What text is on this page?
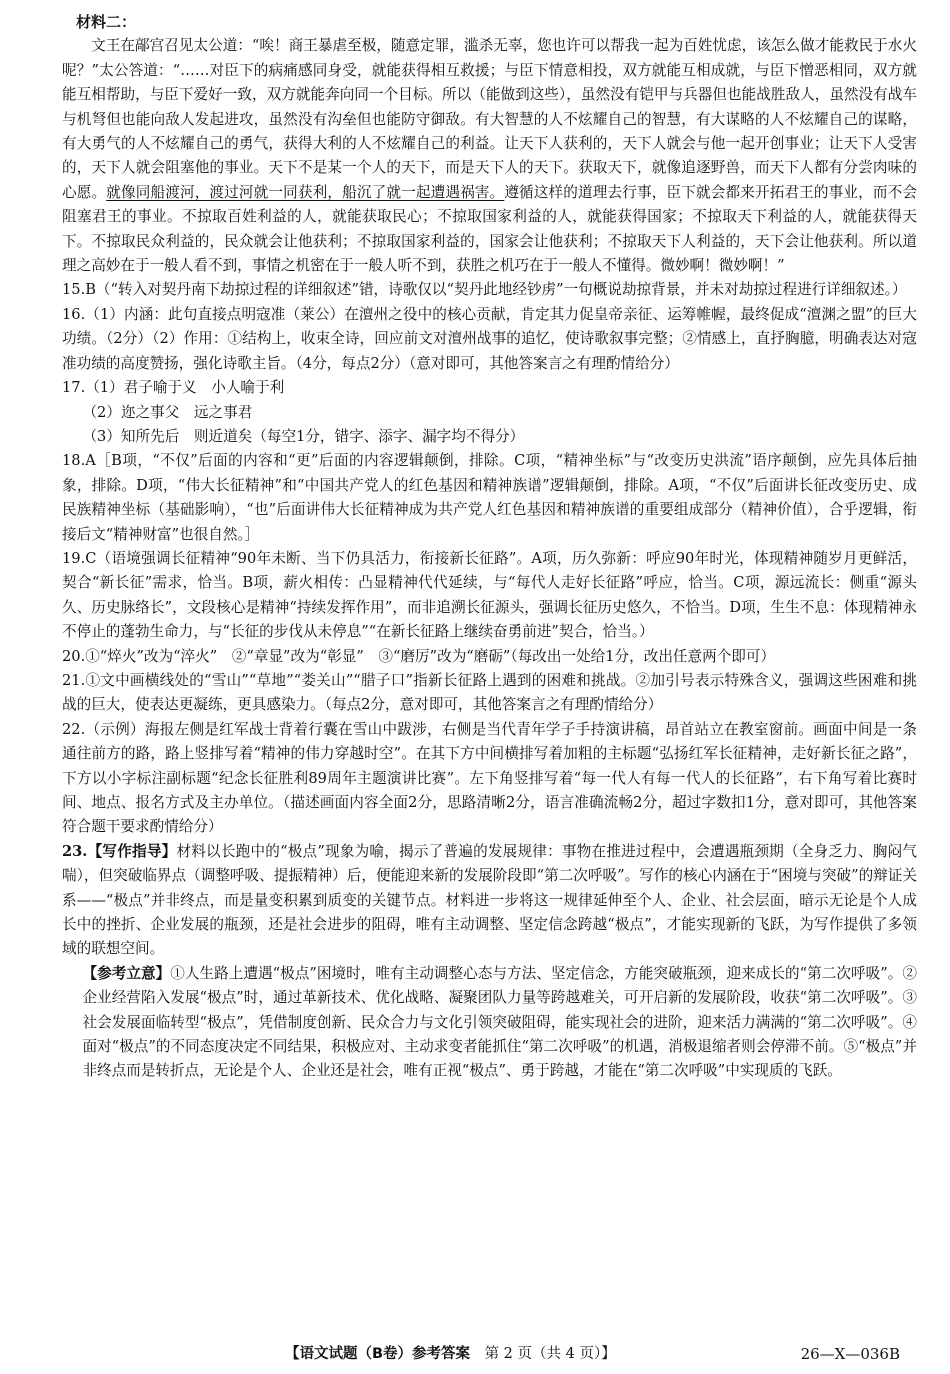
材料二：
文王在鄗宫召见太公道：“唉！商王暴虐至极，随意定罪，滥杀无辜，您也许可以帮我一起为百姓忧虑，该怎么做才能救民于水火呢？”太公答道：“……对臣下的病痛感同身受，就能获得相互救援；与臣下情意相投，双方就能互相成就，与臣下憎恶相同，双方就能互相帮助，与臣下爱好一致，双方就能奔向同一个目标。所以（能做到这些），虽然没有铠甲与兵器但也能战胜敌人，虽然没有战车与机弩但也能向敌人发起进攻，虽然没有沟垒但也能防守御敌。有大智慧的人不炫耀自己的智慧，有大谋略的人不炫耀自己的谋略，有大勇气的人不炫耀自己的勇气，获得大利的人不炫耀自己的利益。让天下人获利的，天下人就会与他一起开创事业；让天下人受害的，天下人就会阻塞他的事业。天下不是某一个人的天下，而是天下人的天下。获取天下，就像追逐野兽，而天下人都有分尝肉味的心愿。就像同船渡河，渡过河就一同获利，船沉了就一起遭遇祸害。遵循这样的道理去行事，臣下就会都来开拓君王的事业，而不会阻塞君王的事业。不掠取百姓利益的人，就能获取民心；不掠取国家利益的人，就能获得国家；不掠取天下利益的人，就能获得天下。不掠取民众利益的，民众就会让他获利；不掠取国家利益的，国家会让他获利；不掠取天下人利益的，天下会让他获利。所以道理之高妙在于一般人看不到，事情之机密在于一般人听不到，获胜之机巧在于一般人不懂得。微妙啊！微妙啊！”
15.B（“转入对契丹南下劫掠过程的详细叙述”错，诗歌仅以“契丹此地经钞虏”一句概说劫掠背景，并未对劫掠过程进行详细叙述。）
16.（1）内涵：此句直接点明寇准（莱公）在澶州之役中的核心贡献，肯定其力促皇帝亲征、运筹帷幄，最终促成“澶渊之盟”的巨大功绩。（2分）（2）作用：①结构上，收束全诗，回应前文对澶州战事的追忆，使诗歌叙事完整；②情感上，直抒胸臆，明确表达对寇准功绩的高度赞扬，强化诗歌主旨。（4分，每点2分）（意对即可，其他答案言之有理酌情给分）
17.（1）君子喻于义　小人喻于利
（2）迩之事父　远之事君
（3）知所先后　则近道矣（每空1分，错字、添字、漏字均不得分）
18.A［B项，“不仅”后面的内容和“更”后面的内容逻辑颠倒，排除。C项，“精神坐标”与“改变历史洪流”语序颠倒，应先具体后抽象，排除。D项，“伟大长征精神”和“中国共产党人的红色基因和精神族谱”逻辑颠倒，排除。A项，“不仅”后面讲长征改变历史、成民族精神坐标（基础影响），“也”后面讲伟大长征精神成为共产党人红色基因和精神族谱的重要组成部分（精神价值），合乎逻辑，衔接后文“精神财富”也很自然。］
19.C（语境强调长征精神“90年未断、当下仍具活力，衔接新长征路”。A项，历久弥新：呼应90年时光，体现精神随岁月更鲜活，契合“新长征”需求，恰当。B项，薪火相传：凸显精神代代延续，与“每代人走好长征路”呼应，恰当。C项，源远流长：侧重“源头久、历史脉络长”，文段核心是精神“持续发挥作用”，而非追溯长征源头，强调长征历史悠久，不恰当。D项，生生不息：体现精神永不停止的蓬勃生命力，与“长征的步伐从未停息”“在新长征路上继续奋勇前进”契合，恰当。）
20.①“焠火”改为“淬火”　②“章显”改为“彰显”　③“磨厉”改为“磨砺”（每改出一处给1分，改出任意两个即可）
21.①文中画横线处的“雪山”“草地”“娄关山”“腊子口”指新长征路上遇到的困难和挑战。②加引号表示特殊含义，强调这些困难和挑战的巨大，使表达更凝练，更具感染力。（每点2分，意对即可，其他答案言之有理酌情给分）
22.（示例）海报左侧是红军战士背着行囊在雪山中跋涉，右侧是当代青年学子手持演讲稿，昂首站立在教室窗前。画面中间是一条通往前方的路，路上竖排写着“精神的伟力穿越时空”。在其下方中间横排写着加粗的主标题“弘扬红军长征精神，走好新长征之路”，下方以小字标注副标题“纪念长征胜利89周年主题演讲比赛”。左下角竖排写着“每一代人有每一代人的长征路”，右下角写着比赛时间、地点、报名方式及主办单位。（描述画面内容全面2分，思路清晰2分，语言准确流畅2分，超过字数扣1分，意对即可，其他答案符合题干要求酌情给分）
23.【写作指导】材料以长跑中的“极点”现象为喻，揭示了普遍的发展规律：事物在推进过程中，会遭遇瓶颈期（全身乏力、胸闷气喘），但突破临界点（调整呼吸、提振精神）后，便能迎来新的发展阶段即“第二次呼吸”。写作的核心内涵在于“困境与突破”的辩证关系——“极点”并非终点，而是量变积累到质变的关键节点。材料进一步将这一规律延伸至个人、企业、社会层面，暗示无论是个人成长中的挫折、企业发展的瓶颈，还是社会进步的阻碍，唯有主动调整、坚定信念跨越“极点”，才能实现新的飞跃，为写作提供了多领域的联想空间。
【参考立意】①人生路上遭遇“极点”困境时，唯有主动调整心态与方法、坚定信念，方能突破瓶颈，迎来成长的“第二次呼吸”。②企业经营陷入发展“极点”时，通过革新技术、优化战略、凝聚团队力量等跨越难关，可开启新的发展阶段，收获“第二次呼吸”。③社会发展面临转型“极点”，凭借制度创新、民众合力与文化引领突破阻碍，能实现社会的进阶，迎来活力满满的“第二次呼吸”。④面对“极点”的不同态度决定不同结果，积极应对、主动求变者能抓住“第二次呼吸”的机遇，消极退缩者则会停滞不前。⑤“极点”并非终点而是转折点，无论是个人、企业还是社会，唯有正视“极点”、勇于跨越，才能在“第二次呼吸”中实现质的飞跃。
【语文试题（B卷）参考答案　 第 2 页（共 4 页）】	26—X—036B
